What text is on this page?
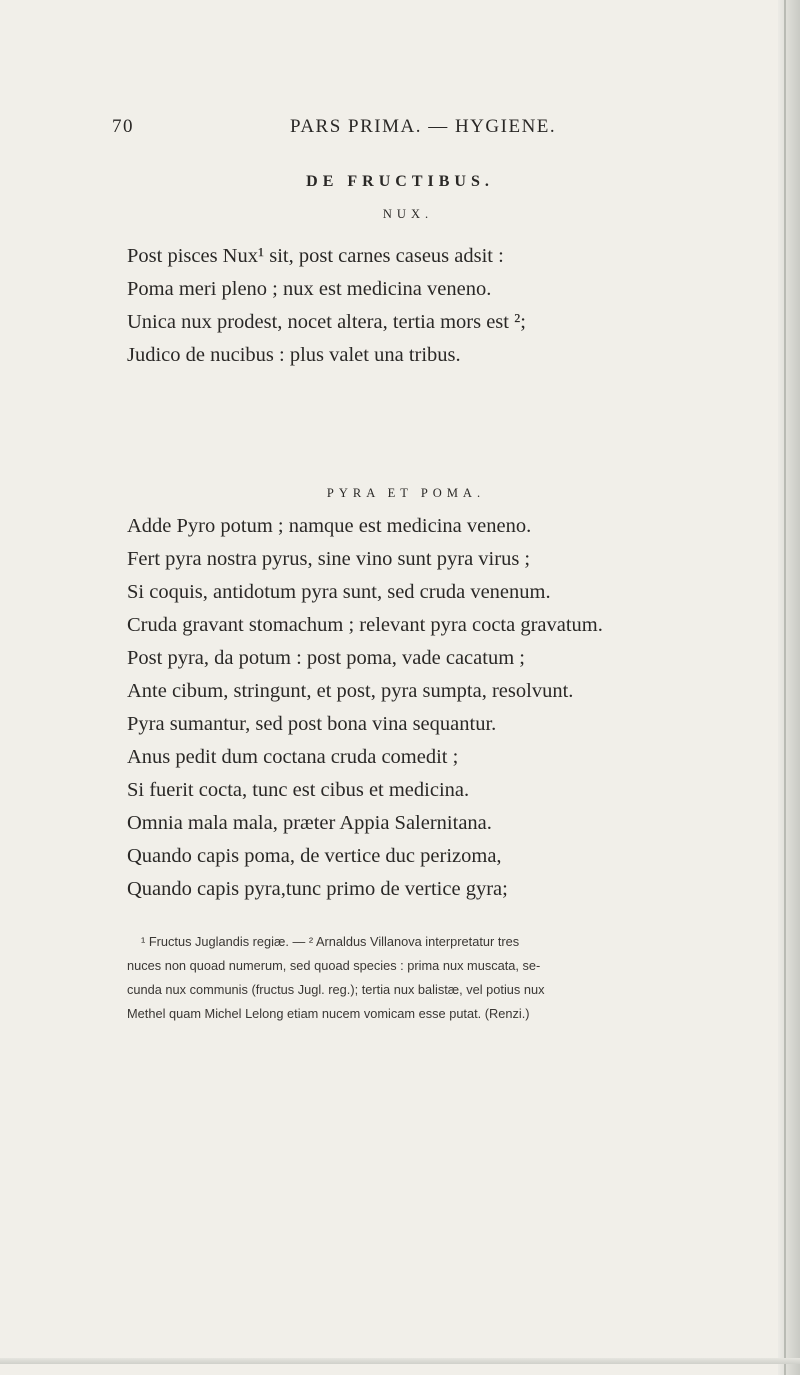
70	PARS PRIMA. — HYGIENE.
DE FRUCTIBUS.
NUX.
Post pisces Nux¹ sit, post carnes caseus adsit :
Poma meri pleno ; nux est medicina veneno.
Unica nux prodest, nocet altera, tertia mors est ²;
Judico de nucibus : plus valet una tribus.
PYRA ET POMA.
Adde Pyro potum ; namque est medicina veneno.
Fert pyra nostra pyrus, sine vino sunt pyra virus ;
Si coquis, antidotum pyra sunt, sed cruda venenum.
Cruda gravant stomachum ; relevant pyra cocta gravatum.
Post pyra, da potum : post poma, vade cacatum ;
Ante cibum, stringunt, et post, pyra sumpta, resolvunt.
Pyra sumantur, sed post bona vina sequantur.
Anus pedit dum coctana cruda comedit ;
Si fuerit cocta, tunc est cibus et medicina.
Omnia mala mala, præter Appia Salernitana.
Quando capis poma, de vertice duc perizoma,
Quando capis pyra,tunc primo de vertice gyra;
¹ Fructus Juglandis regiæ. — ² Arnaldus Villanova interpretatur tres
nuces non quoad numerum, sed quoad species : prima nux muscata, se-
cunda nux communis (fructus Jugl. reg.); tertia nux balistæ, vel potius nux
Methel quam Michel Lelong etiam nucem vomicam esse putat. (Renzi.)
